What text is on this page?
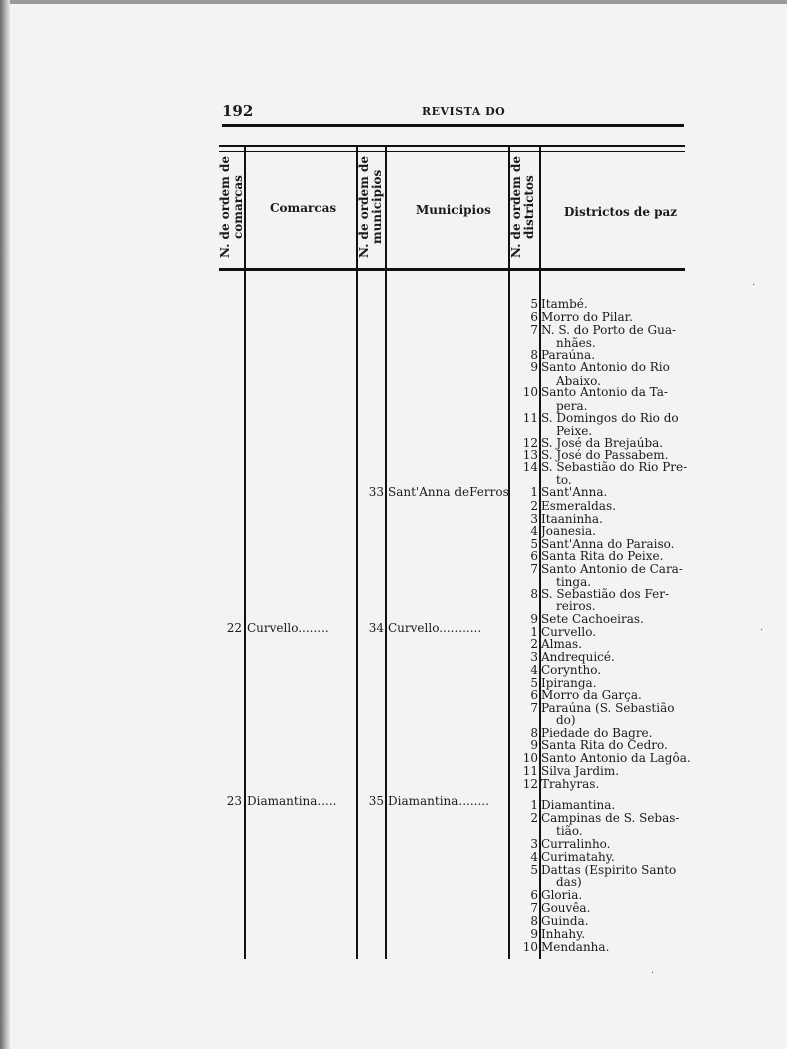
192	REVISTA DO
N. de ordem de comarcas Comarcas N. de ordem de municipios	Municipios N. de ordem de districtos Districtos de paz
22 Curvello........
23 Diamantina.....
33 Sant'Anna deFerros
34 Curvello...........
35 Diamantina........
5 Itambé.
6 Morro do Pilar.
7 N. S. do Porto de Gua-
nhães.
8 Paraúna.
9 Santo Antonio do Rio
Abaixo.
10 Santo Antonio da Ta-
pera.
11 S. Domingos do Rio do
Peixe.
12 S. José da Brejaúba.
13 S. José do Passabem.
14 S. Sebastião do Rio Pre-
to.
1 Sant'Anna.
2 Esmeraldas.
3 Itaaninha.
4 Joanesia.
5 Sant'Anna do Paraiso.
6 Santa Rita do Peixe.
7 Santo Antonio de Cara-
tinga.
8 S. Sebastião dos Fer-
reiros.
9 Sete Cachoeiras.
1 Curvello.
2 Almas.
3 Andrequicé.
4 Coryntho.
5 Ipiranga.
6 Morro da Garça.
7 Paraúna (S. Sebastião
do)
8 Piedade do Bagre.
9 Santa Rita do Cedro.
10 Santo Antonio da Lagôa.
11 Silva Jardim.
12 Trahyras.
1 Diamantina.
2 Campinas de S. Sebas-
tião.
3 Curralinho.
4 Curimatahy.
5 Dattas (Espirito Santo
das)
6 Gloria.
7 Gouvêa.
8 Guinda.
9 Inhahy.
10 Mendanha.
·
·
·
